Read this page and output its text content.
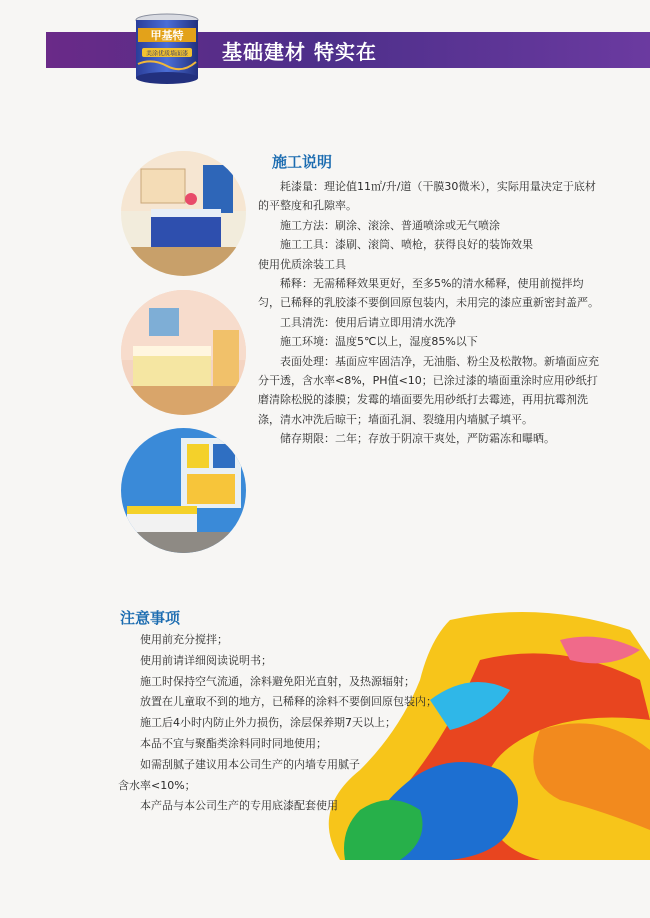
基础建材 特实在
甲基特
美涂优质墙面漆
施工说明

耗漆量：理论值11㎡/升/道（干膜30微米），实际用量决定于底材的平整度和孔隙率。

施工方法：刷涂、滚涂、普通喷涂或无气喷涂

施工工具：漆刷、滚筒、喷枪，获得良好的装饰效果

使用优质涂装工具

稀释：无需稀释效果更好，至多5%的清水稀释，使用前搅拌均匀，已稀释的乳胶漆不要倒回原包装内，未用完的漆应重新密封盖严。

工具清洗：使用后请立即用清水洗净

施工环境：温度5℃以上，湿度85%以下

表面处理：基面应牢固洁净，无油脂、粉尘及松散物。新墙面应充分干透，含水率<8%，PH值<10；已涂过漆的墙面重涂时应用砂纸打磨清除松脱的漆膜；发霉的墙面要先用砂纸打去霉迹，再用抗霉剂洗涤，清水冲洗后晾干；墙面孔洞、裂缝用内墙腻子填平。

储存期限：二年；存放于阴凉干爽处，严防霜冻和曝晒。

注意事项

使用前充分搅拌；

使用前请详细阅读说明书；

施工时保持空气流通，涂料避免阳光直射，及热源辐射；

放置在儿童取不到的地方，已稀释的涂料不要倒回原包装内；

施工后4小时内防止外力损伤，涂层保养期7天以上；

本品不宜与聚酯类涂料同时同地使用；

如需刮腻子建议用本公司生产的内墙专用腻子

含水率<10%；

本产品与本公司生产的专用底漆配套使用
